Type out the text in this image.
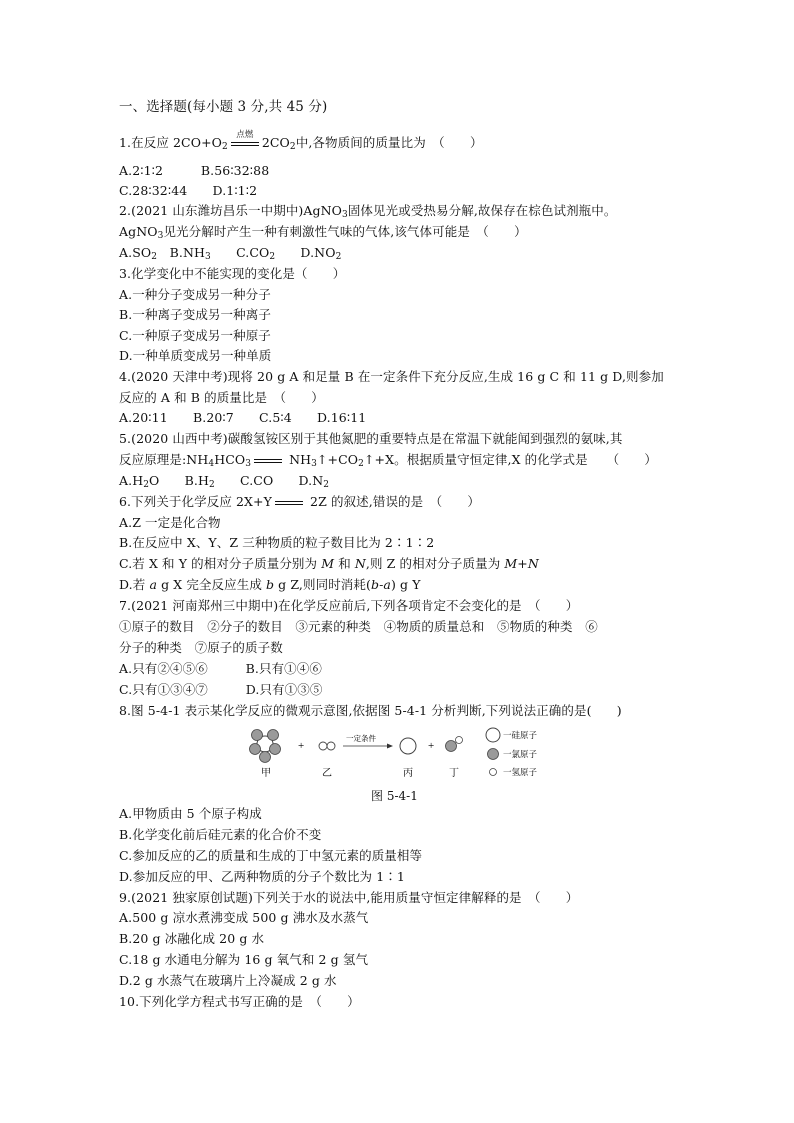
一、选择题(每小题 3 分,共 45 分)
1.在反应 $2CO+O_2$
点燃
$2CO_2$中,各物质间的质量比为　（　　）
A.2∶1∶2　　　B.56∶32∶88
C.28∶32∶44　　D.1∶1∶2
2.(2021 山东潍坊昌乐一中期中)AgNO$_3$固体见光或受热易分解,故保存在棕色试剂瓶中。
AgNO$_3$见光分解时产生一种有刺激性气味的气体,该气体可能是　（　　）
$A.SO_2$　$B.NH_3$　　$C.CO_2$　　$D.NO_2$
3.化学变化中不能实现的变化是（　　）
A.一种分子变成另一种分子
B.一种离子变成另一种离子
C.一种原子变成另一种原子
D.一种单质变成另一种单质
4.(2020 天津中考)现将 20 g A 和足量 B 在一定条件下充分反应,生成 16 g C 和 11 g D,则参加
反应的 A 和 B 的质量比是　（　　）
A.20∶11　　B.20∶7　　C.5∶4　　D.16∶11
5.(2020 山西中考)碳酸氢铵区别于其他氮肥的重要特点是在常温下就能闻到强烈的氨味,其
反应原理是$:NH_4HCO_3$	$NH_3↑+CO_2↑+X$。根据质量守恒定律,X 的化学式是　　（　　）
$A.H_2O$　　$B.H_2$　　C.CO　　$D.N_2$
6.下列关于化学反应 2X+Y	2Z 的叙述,错误的是　（　　）
A.Z 一定是化合物
B.在反应中 X、Y、Z 三种物质的粒子数目比为 2∶1∶2
C.若 X 和 Y 的相对分子质量分别为 M 和 N,则 Z 的相对分子质量为 M+N
D.若 a g X 完全反应生成 b g Z,则同时消耗(b-a) g Y
7.(2021 河南郑州三中期中)在化学反应前后,下列各项肯定不会变化的是　（　　）
①原子的数目　②分子的数目　③元素的种类　④物质的质量总和　⑤物质的种类　⑥
分子的种类　⑦原子的质子数
A.只有②④⑤⑥　　　B.只有①④⑥
C.只有①③④⑦　　　D.只有①③⑤
8.图 5-4-1 表示某化学反应的微观示意图,依据图 5-4-1 分析判断,下列说法正确的是(　　)
+
一定条件
+
甲	乙	丙	丁
一硅原子
一氯原子
一氢原子
图 5-4-1
A.甲物质由 5 个原子构成
B.化学变化前后硅元素的化合价不变
C.参加反应的乙的质量和生成的丁中氢元素的质量相等
D.参加反应的甲、乙两种物质的分子个数比为 1∶1
9.(2021 独家原创试题)下列关于水的说法中,能用质量守恒定律解释的是　（　　）
A.500 g 凉水煮沸变成 500 g 沸水及水蒸气
B.20 g 冰融化成 20 g 水
C.18 g 水通电分解为 16 g 氧气和 2 g 氢气
D.2 g 水蒸气在玻璃片上冷凝成 2 g 水
10.下列化学方程式书写正确的是　（　　）
